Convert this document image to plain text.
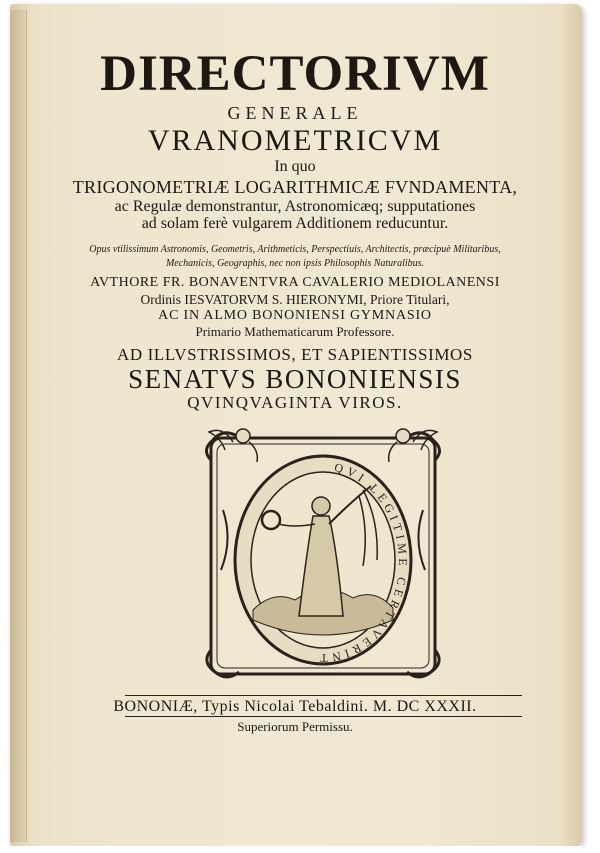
DIRECTORIVM
GENERALE
VRANOMETRICVM
In quo
TRIGONOMETRIÆ LOGARITHMICÆ FVNDAMENTA,
ac Regulæ demonstrantur, Astronomicæq; supputationes
ad solam ferè vulgarem Additionem reducuntur.
Opus vtilissimum Astronomis, Geometris, Arithmeticis, Perspectiuis, Architectis, præcipuè Militaribus,
Mechanicis, Geographis, nec non ipsis Philosophis Naturalibus.
AVTHORE FR. BONAVENTVRA CAVALERIO MEDIOLANENSI
Ordinis IESVATORVM S. HIERONYMI, Priore Titulari,
AC IN ALMO BONONIENSI GYMNASIO
Primario Mathematicarum Professore.
AD ILLVSTRISSIMOS, ET SAPIENTISSIMOS
SENATVS BONONIENSIS
QVINQVAGINTA VIROS.
QVI LEGITIME CERTAVERINT
BONONIÆ, Typis Nicolai Tebaldini. M. DC XXXII.
Superiorum Permissu.
